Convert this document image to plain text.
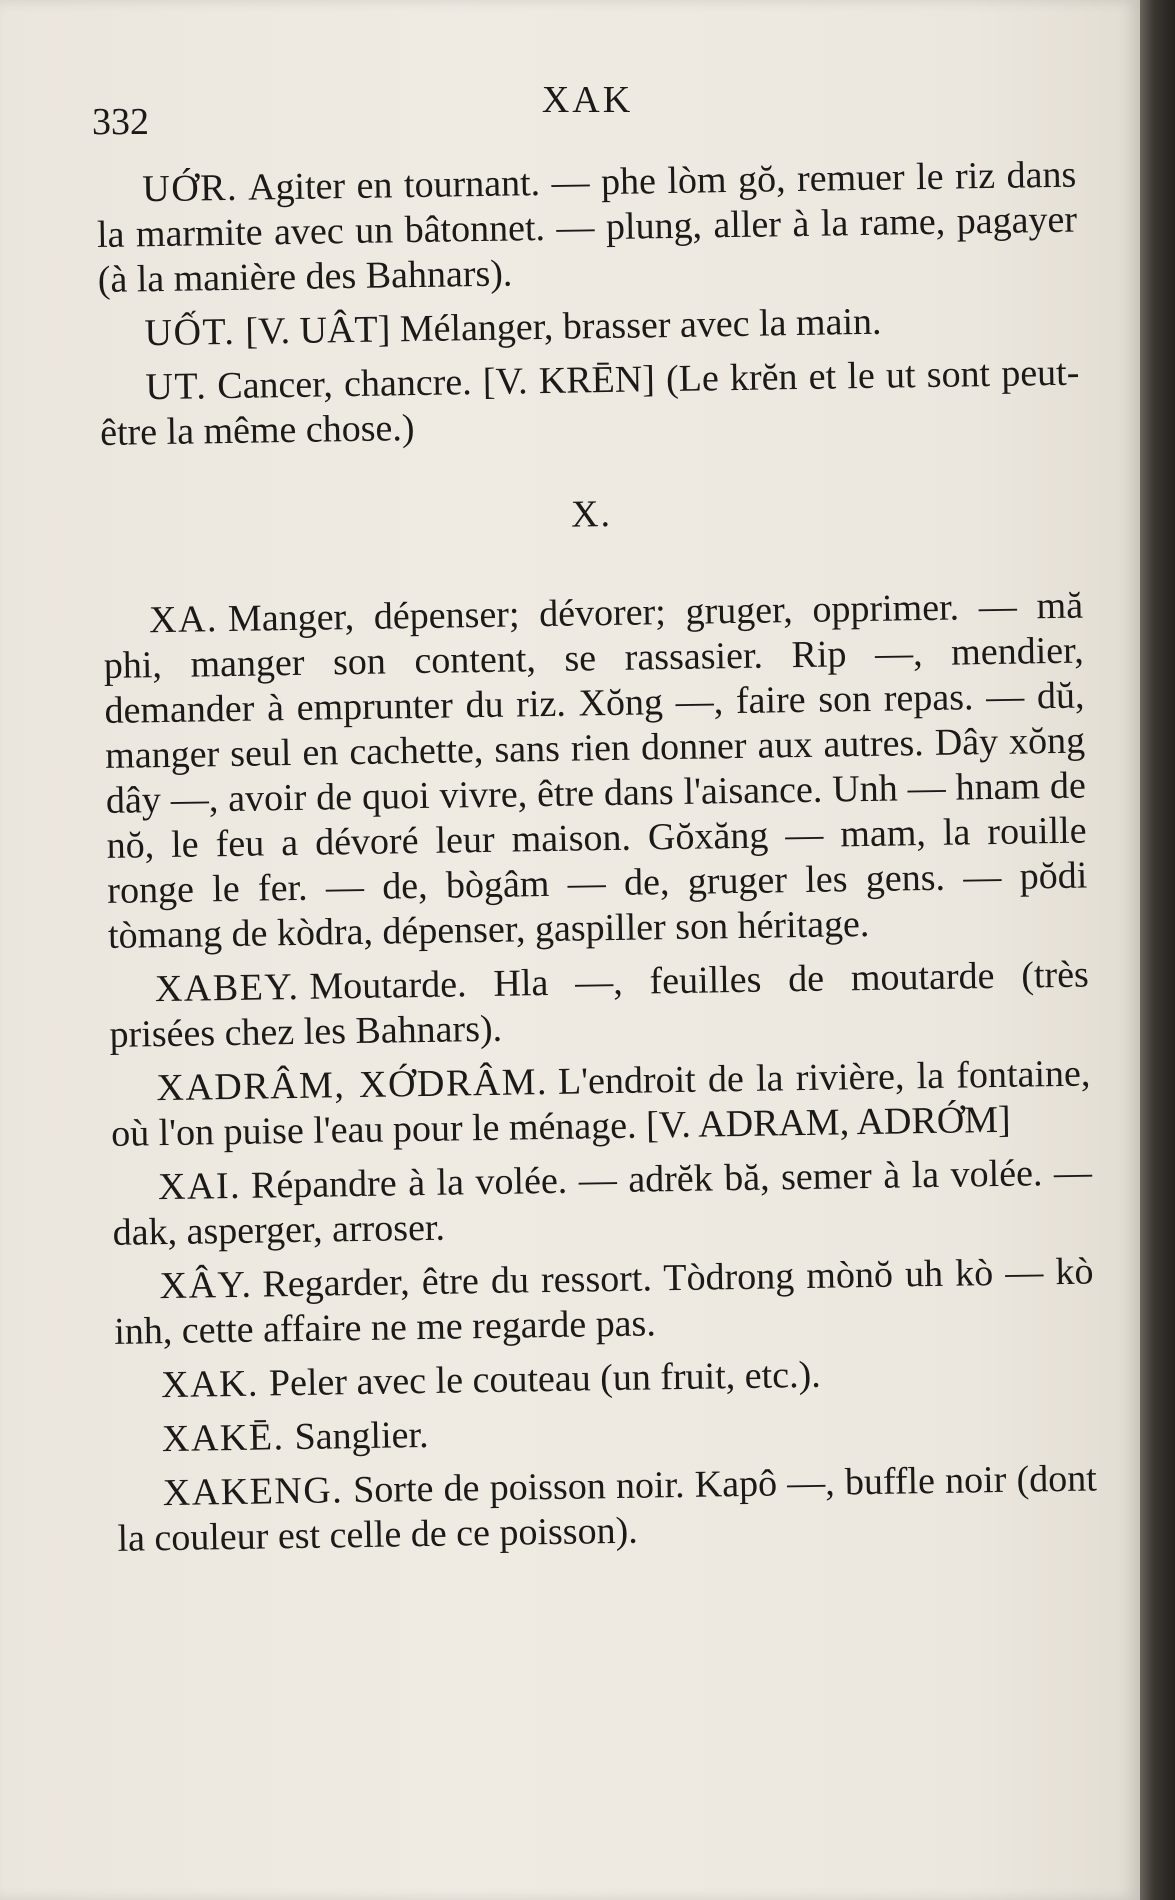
332
XAK

UỚR. Agiter en tournant. — phe lòm gŏ, remuer le riz dans la marmite avec un bâtonnet. — plung, aller à la rame, pagayer (à la manière des Bahnars).

UỐT. [V. UÂT] Mélanger, brasser avec la main.

UT. Cancer, chancre. [V. KRĒN] (Le krĕn et le ut sont peut-être la même chose.)

X.

XA. Manger, dépenser; dévorer; gruger, opprimer. — mă phi, manger son content, se rassasier. Rip —, mendier, demander à emprunter du riz. Xŏng —, faire son repas. — dŭ, manger seul en cachette, sans rien donner aux autres. Dây xŏng dây —, avoir de quoi vivre, être dans l'aisance. Unh — hnam de nŏ, le feu a dévoré leur maison. Gŏxăng — mam, la rouille ronge le fer. — de, bògâm — de, gruger les gens. — pŏdi tòmang de kòdra, dépenser, gaspiller son héritage.

XABEY. Moutarde. Hla —, feuilles de moutarde (très prisées chez les Bahnars).

XADRÂM, XỚDRÂM. L'endroit de la rivière, la fontaine, où l'on puise l'eau pour le ménage. [V. ADRAM, ADRỚM]

XAI. Répandre à la volée. — adrĕk bă, semer à la volée. — dak, asperger, arroser.

XÂY. Regarder, être du ressort. Tòdrong mònŏ uh kò — kò inh, cette affaire ne me regarde pas.

XAK. Peler avec le couteau (un fruit, etc.).

XAKĒ. Sanglier.

XAKENG. Sorte de poisson noir. Kapô —, buffle noir (dont la couleur est celle de ce poisson).
